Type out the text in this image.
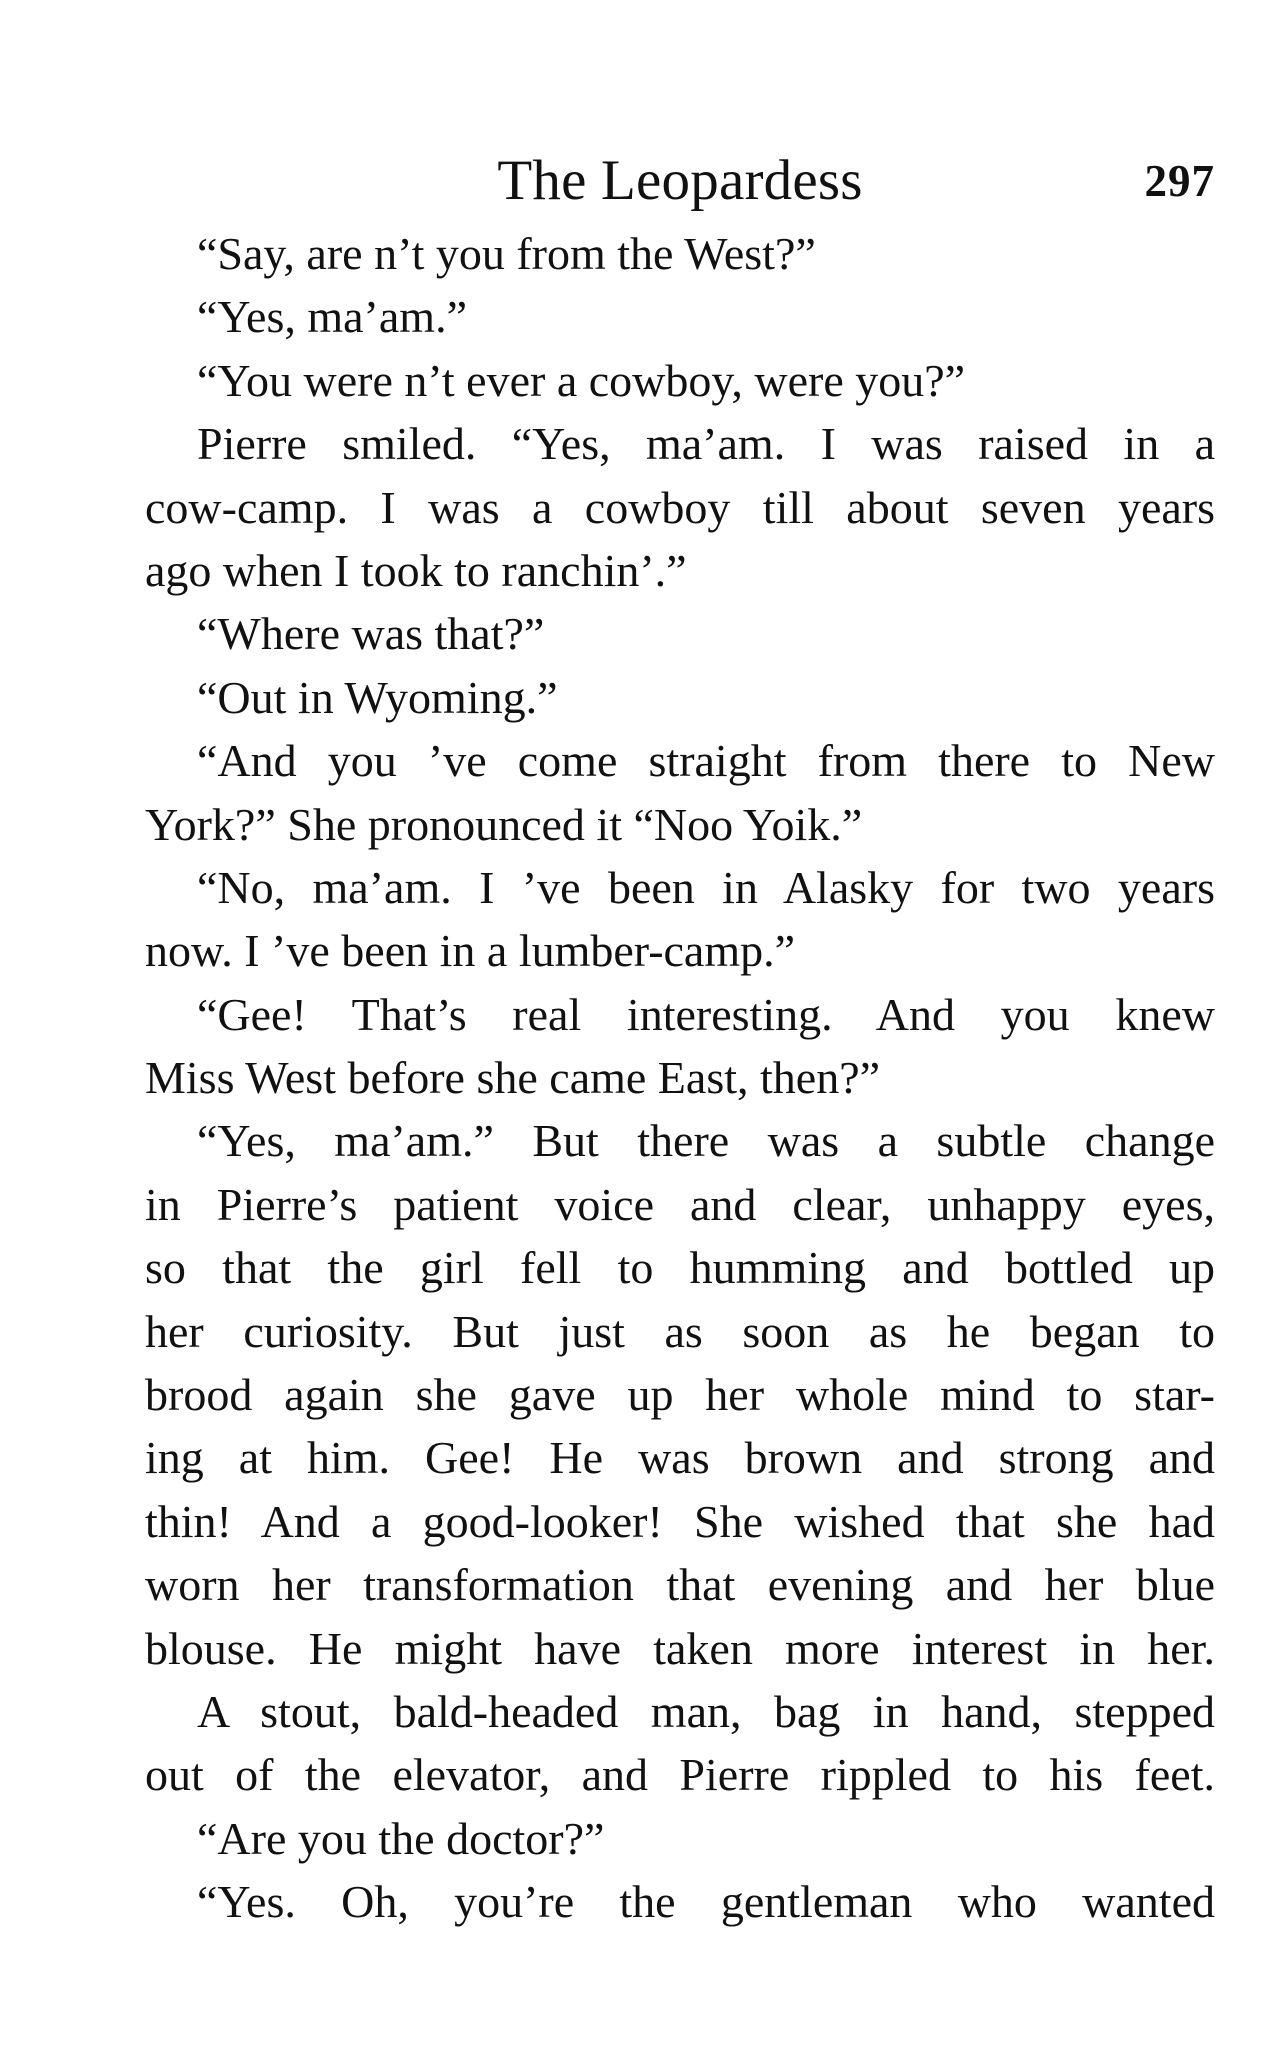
The Leopardess	297
“Say, are n’t you from the West?”
“Yes, ma’am.”
“You were n’t ever a cowboy, were you?”
Pierre smiled. “Yes, ma’am. I was raised in a
cow-camp. I was a cowboy till about seven years
ago when I took to ranchin’.”
“Where was that?”
“Out in Wyoming.”
“And you ’ve come straight from there to New
York?” She pronounced it “Noo Yoik.”
“No, ma’am. I ’ve been in Alasky for two years
now. I ’ve been in a lumber-camp.”
“Gee! That’s real interesting. And you knew
Miss West before she came East, then?”
“Yes, ma’am.” But there was a subtle change
in Pierre’s patient voice and clear, unhappy eyes,
so that the girl fell to humming and bottled up
her curiosity. But just as soon as he began to
brood again she gave up her whole mind to star-
ing at him. Gee! He was brown and strong and
thin! And a good-looker! She wished that she had
worn her transformation that evening and her blue
blouse. He might have taken more interest in her.
A stout, bald-headed man, bag in hand, stepped
out of the elevator, and Pierre rippled to his feet.
“Are you the doctor?”
“Yes. Oh, you’re the gentleman who wanted
